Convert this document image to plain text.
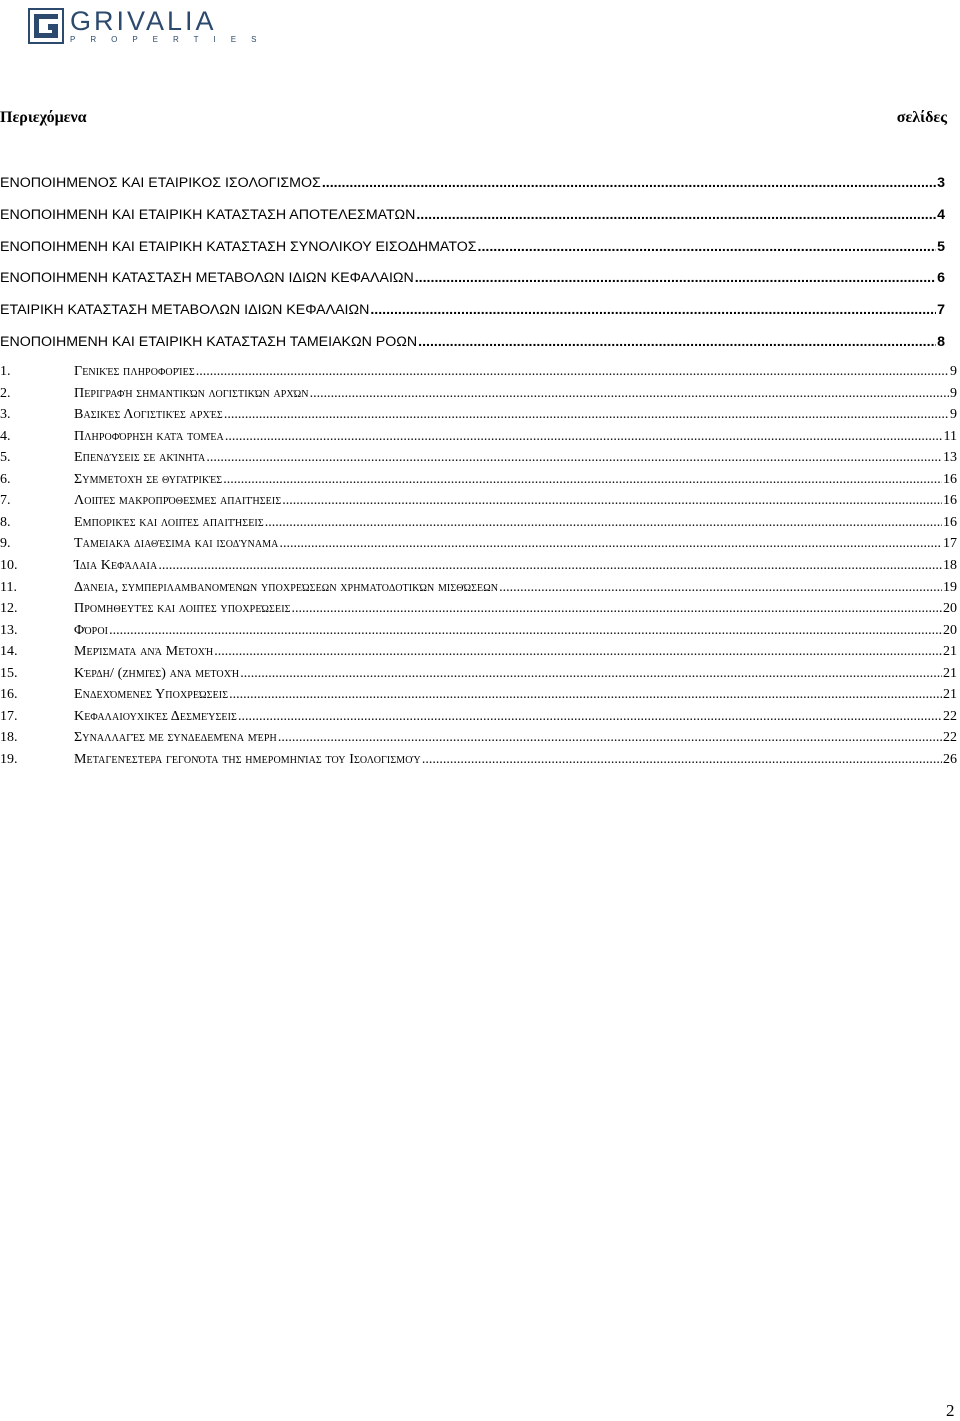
GRIVALIA
PROPERTIES
Περιεχόμενα	σελίδες
ΕΝΟΠΟΙΗΜΕΝΟΣ ΚΑΙ ΕΤΑΙΡΙΚΟΣ ΙΣΟΛΟΓΙΣΜΟΣ .....	3
ΕΝΟΠΟΙΗΜΕΝΗ ΚΑΙ ΕΤΑΙΡΙΚΗ ΚΑΤΑΣΤΑΣΗ ΑΠΟΤΕΛΕΣΜΑΤΩΝ .....	4
ΕΝΟΠΟΙΗΜΕΝΗ ΚΑΙ ΕΤΑΙΡΙΚΗ ΚΑΤΑΣΤΑΣΗ ΣΥΝΟΛΙΚΟΥ ΕΙΣΟΔΗΜΑΤΟΣ .....	5
ΕΝΟΠΟΙΗΜΕΝΗ ΚΑΤΑΣΤΑΣΗ ΜΕΤΑΒΟΛΩΝ ΙΔΙΩΝ ΚΕΦΑΛΑΙΩΝ .....	6
ΕΤΑΙΡΙΚΗ ΚΑΤΑΣΤΑΣΗ ΜΕΤΑΒΟΛΩΝ ΙΔΙΩΝ ΚΕΦΑΛΑΙΩΝ .....	7
ΕΝΟΠΟΙΗΜΕΝΗ ΚΑΙ ΕΤΑΙΡΙΚΗ ΚΑΤΑΣΤΑΣΗ ΤΑΜΕΙΑΚΩΝ ΡΟΩΝ .....	8
1.	Γενικές πληροφορίες .....	9
2.	Περιγραφή σημαντικών λογιστικών αρχών .....	9
3.	Βασικές Λογιστικές αρχές .....	9
4.	Πληροφόρηση κατά τομέα .....	11
5.	Επενδύσεις σε ακίνητα .....	13
6.	Συμμετοχή σε θυγατρικές .....	16
7.	Λοιπές μακροπρόθεσμες απαιτήσεις .....	16
8.	Εμπορικές και λοιπές απαιτήσεις .....	16
9.	Ταμειακά διαθέσιμα και ισοδύναμα .....	17
10.	Ίδια Κεφάλαια .....	18
11.	Δάνεια, συμπεριλαμβανομένων υποχρεώσεων χρηματοδοτικών μισθώσεων .....	19
12.	Προμηθευτές και λοιπές υποχρεώσεις .....	20
13.	Φόροι .....	20
14.	Μερίσματα ανά Μετοχή .....	21
15.	Κέρδη/ (ζημιές) ανά μετοχή .....	21
16.	Ενδεχόμενες Υποχρεώσεις .....	21
17.	Κεφαλαιουχικές Δεσμεύσεις .....	22
18.	Συναλλαγές με συνδεδεμένα μέρη .....	22
19.	Μεταγενέστερα γεγονότα της ημερομηνίας του Ισολογισμού .....	26
2
